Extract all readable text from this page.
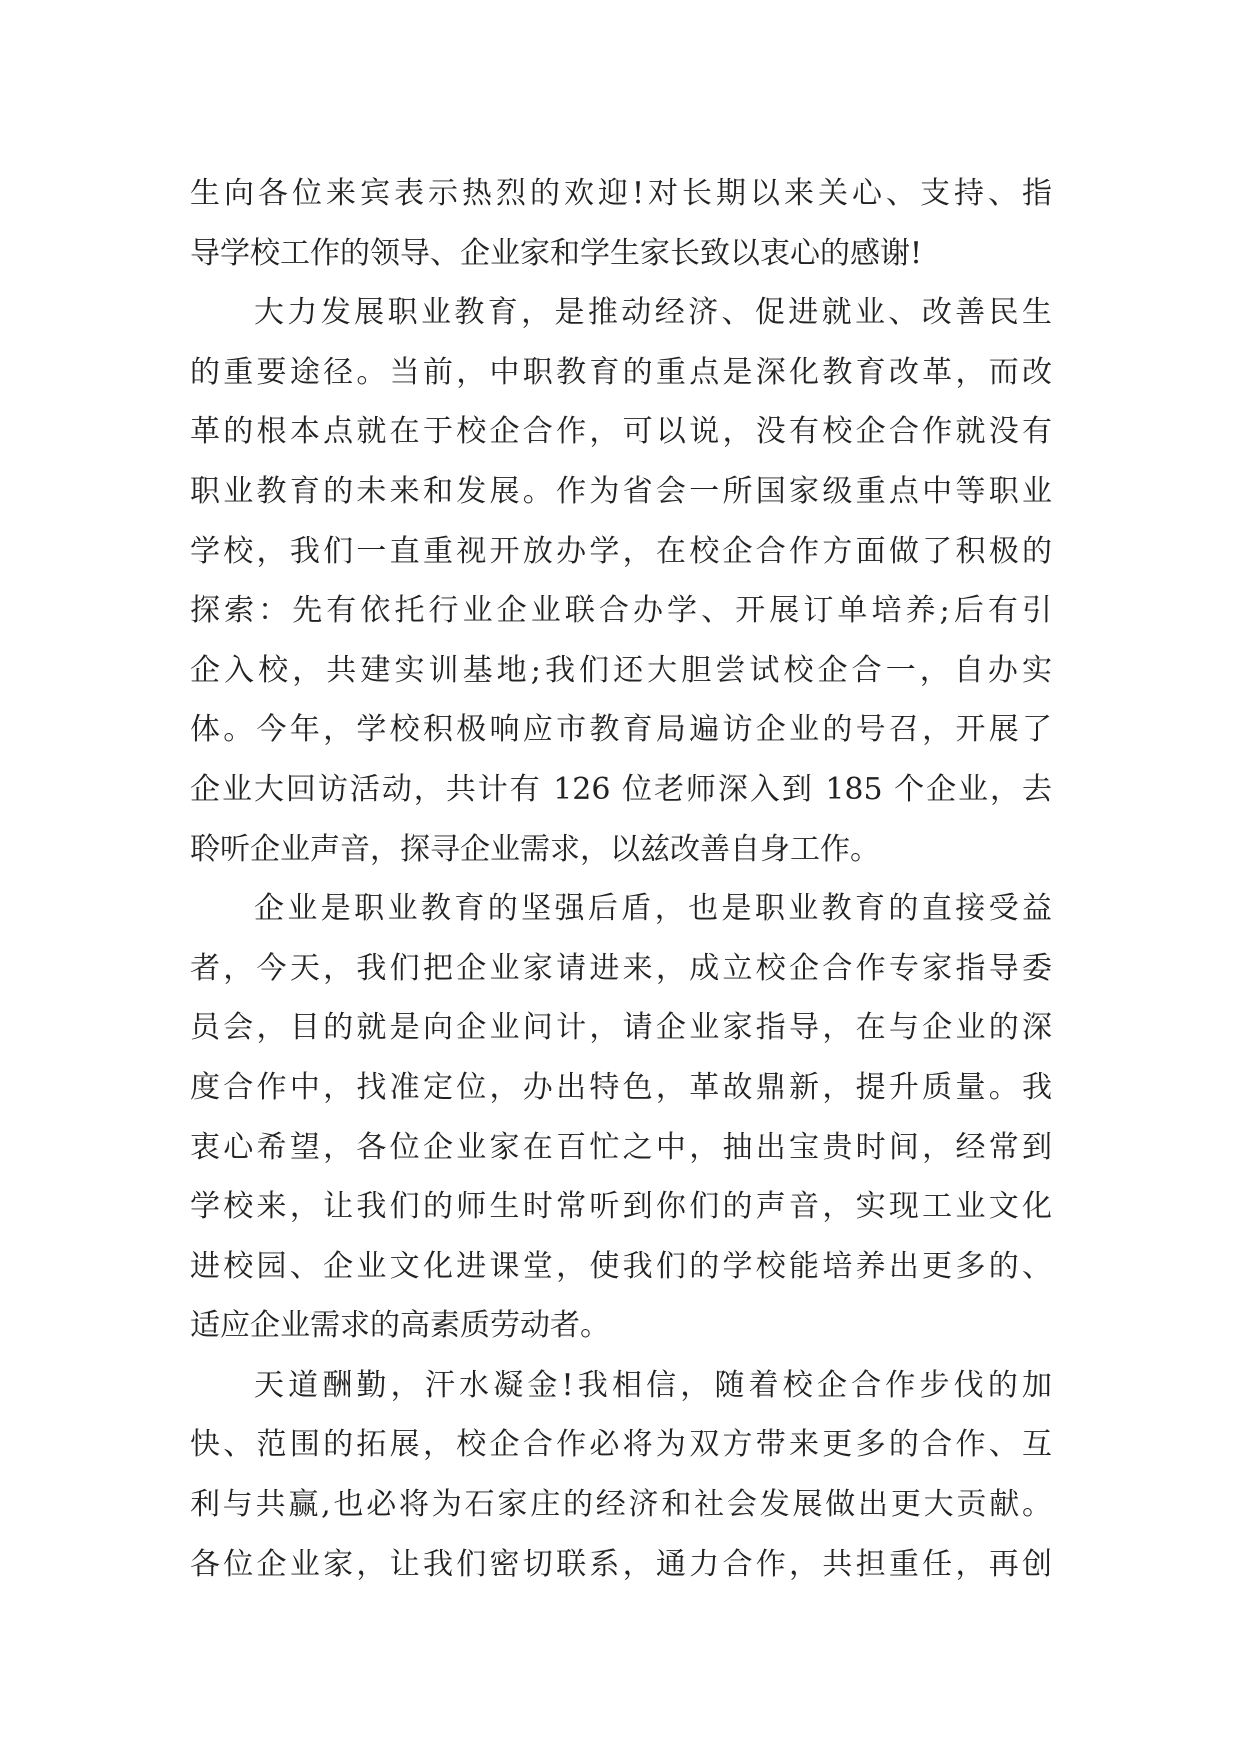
生向各位来宾表示热烈的欢迎!对长期以来关心、支持、指
导学校工作的领导、企业家和学生家长致以衷心的感谢!
大力发展职业教育，是推动经济、促进就业、改善民生
的重要途径。当前，中职教育的重点是深化教育改革，而改
革的根本点就在于校企合作，可以说，没有校企合作就没有
职业教育的未来和发展。作为省会一所国家级重点中等职业
学校，我们一直重视开放办学，在校企合作方面做了积极的
探索：先有依托行业企业联合办学、开展订单培养;后有引
企入校，共建实训基地;我们还大胆尝试校企合一，自办实
体。今年，学校积极响应市教育局遍访企业的号召，开展了
企业大回访活动，共计有 126 位老师深入到 185 个企业，去
聆听企业声音，探寻企业需求，以兹改善自身工作。
企业是职业教育的坚强后盾，也是职业教育的直接受益
者，今天，我们把企业家请进来，成立校企合作专家指导委
员会，目的就是向企业问计，请企业家指导，在与企业的深
度合作中，找准定位，办出特色，革故鼎新，提升质量。我
衷心希望，各位企业家在百忙之中，抽出宝贵时间，经常到
学校来，让我们的师生时常听到你们的声音，实现工业文化
进校园、企业文化进课堂，使我们的学校能培养出更多的、
适应企业需求的高素质劳动者。
天道酬勤，汗水凝金!我相信，随着校企合作步伐的加
快、范围的拓展，校企合作必将为双方带来更多的合作、互
利与共赢,也必将为石家庄的经济和社会发展做出更大贡献。
各位企业家，让我们密切联系，通力合作，共担重任，再创
